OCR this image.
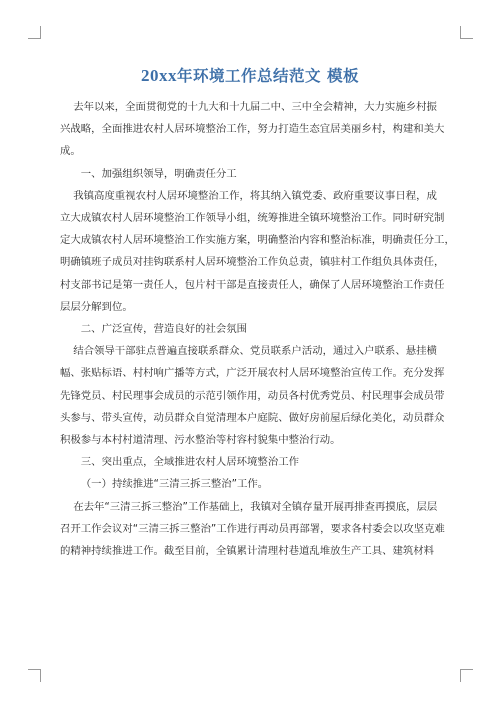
20xx年环境工作总结范文 模板

去年以来，全面贯彻党的十九大和十九届二中、三中全会精神，大力实施乡村振

兴战略，全面推进农村人居环境整治工作，努力打造生态宜居美丽乡村，构建和美大

成。

一、加强组织领导，明确责任分工

我镇高度重视农村人居环境整治工作，将其纳入镇党委、政府重要议事日程，成

立大成镇农村人居环境整治工作领导小组，统筹推进全镇环境整治工作。同时研究制

定大成镇农村人居环境整治工作实施方案，明确整治内容和整治标准，明确责任分工，

明确镇班子成员对挂钩联系村人居环境整治工作负总责，镇驻村工作组负具体责任，

村支部书记是第一责任人，包片村干部是直接责任人，确保了人居环境整治工作责任

层层分解到位。

二、广泛宣传，营造良好的社会氛围

结合领导干部驻点普遍直接联系群众、党员联系户活动，通过入户联系、悬挂横

幅、张贴标语、村村响广播等方式，广泛开展农村人居环境整治宣传工作。充分发挥

先锋党员、村民理事会成员的示范引领作用，动员各村优秀党员、村民理事会成员带

头参与、带头宣传，动员群众自觉清理本户庭院、做好房前屋后绿化美化，动员群众

积极参与本村村道清理、污水整治等村容村貌集中整治行动。

三、突出重点，全域推进农村人居环境整治工作

（一）持续推进“三清三拆三整治”工作。

在去年“三清三拆三整治”工作基础上，我镇对全镇存量开展再排查再摸底，层层

召开工作会议对“三清三拆三整治”工作进行再动员再部署，要求各村委会以攻坚克难

的精神持续推进工作。截至目前，全镇累计清理村巷道乱堆放生产工具、建筑材料
